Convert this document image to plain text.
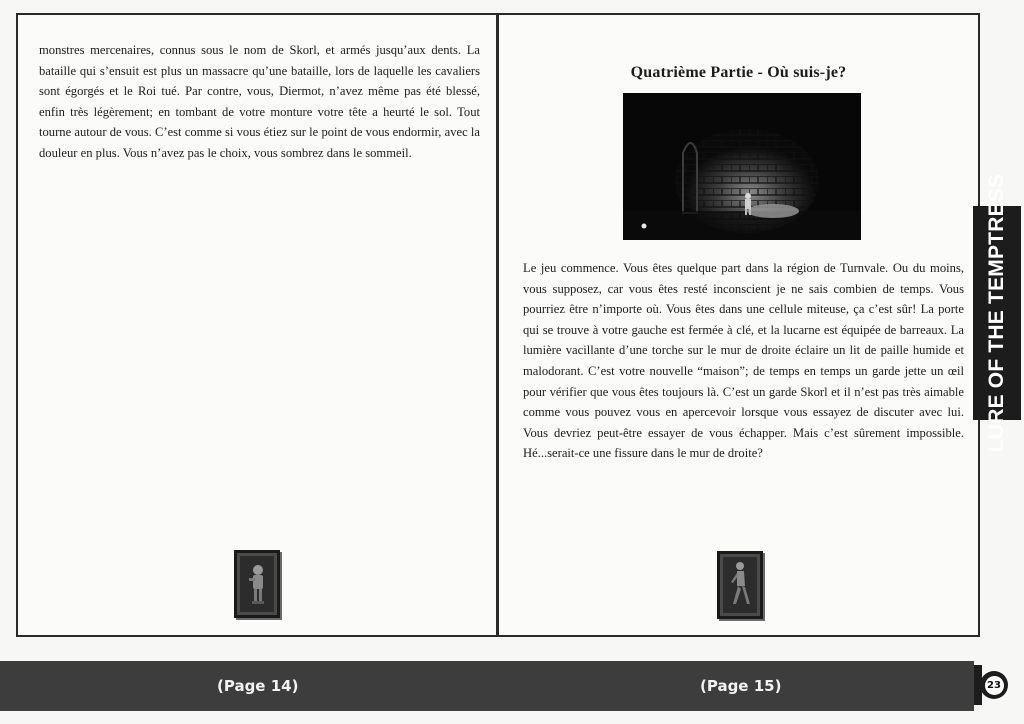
monstres mercenaires, connus sous le nom de Skorl, et armés jusqu’aux dents. La bataille qui s’ensuit est plus un massacre qu’une bataille, lors de laquelle les cavaliers sont égorgés et le Roi tué. Par contre, vous, Diermot, n’avez même pas été blessé, enfin très légèrement; en tombant de votre monture votre tête a heurté le sol. Tout tourne autour de vous. C’est comme si vous étiez sur le point de vous endormir, avec la douleur en plus. Vous n’avez pas le choix, vous sombrez dans le sommeil.

Quatrième Partie - Où suis-je?

Le jeu commence. Vous êtes quelque part dans la région de Turnvale. Ou du moins, vous supposez, car vous êtes resté inconscient je ne sais combien de temps. Vous pourriez être n’importe où. Vous êtes dans une cellule miteuse, ça c’est sûr! La porte qui se trouve à votre gauche est fermée à clé, et la lucarne est équipée de barreaux. La lumière vacillante d’une torche sur le mur de droite éclaire un lit de paille humide et malodorant. C’est votre nouvelle “maison”; de temps en temps un garde jette un œil pour vérifier que vous êtes toujours là. C’est un garde Skorl et il n’est pas très aimable comme vous pouvez vous en apercevoir lorsque vous essayez de discuter avec lui. Vous devriez peut-être essayer de vous échapper. Mais c’est sûrement impossible. Hé...serait-ce une fissure dans le mur de droite?

LURE OF THE TEMPTRESS
(Page 14)	(Page 15)	23
